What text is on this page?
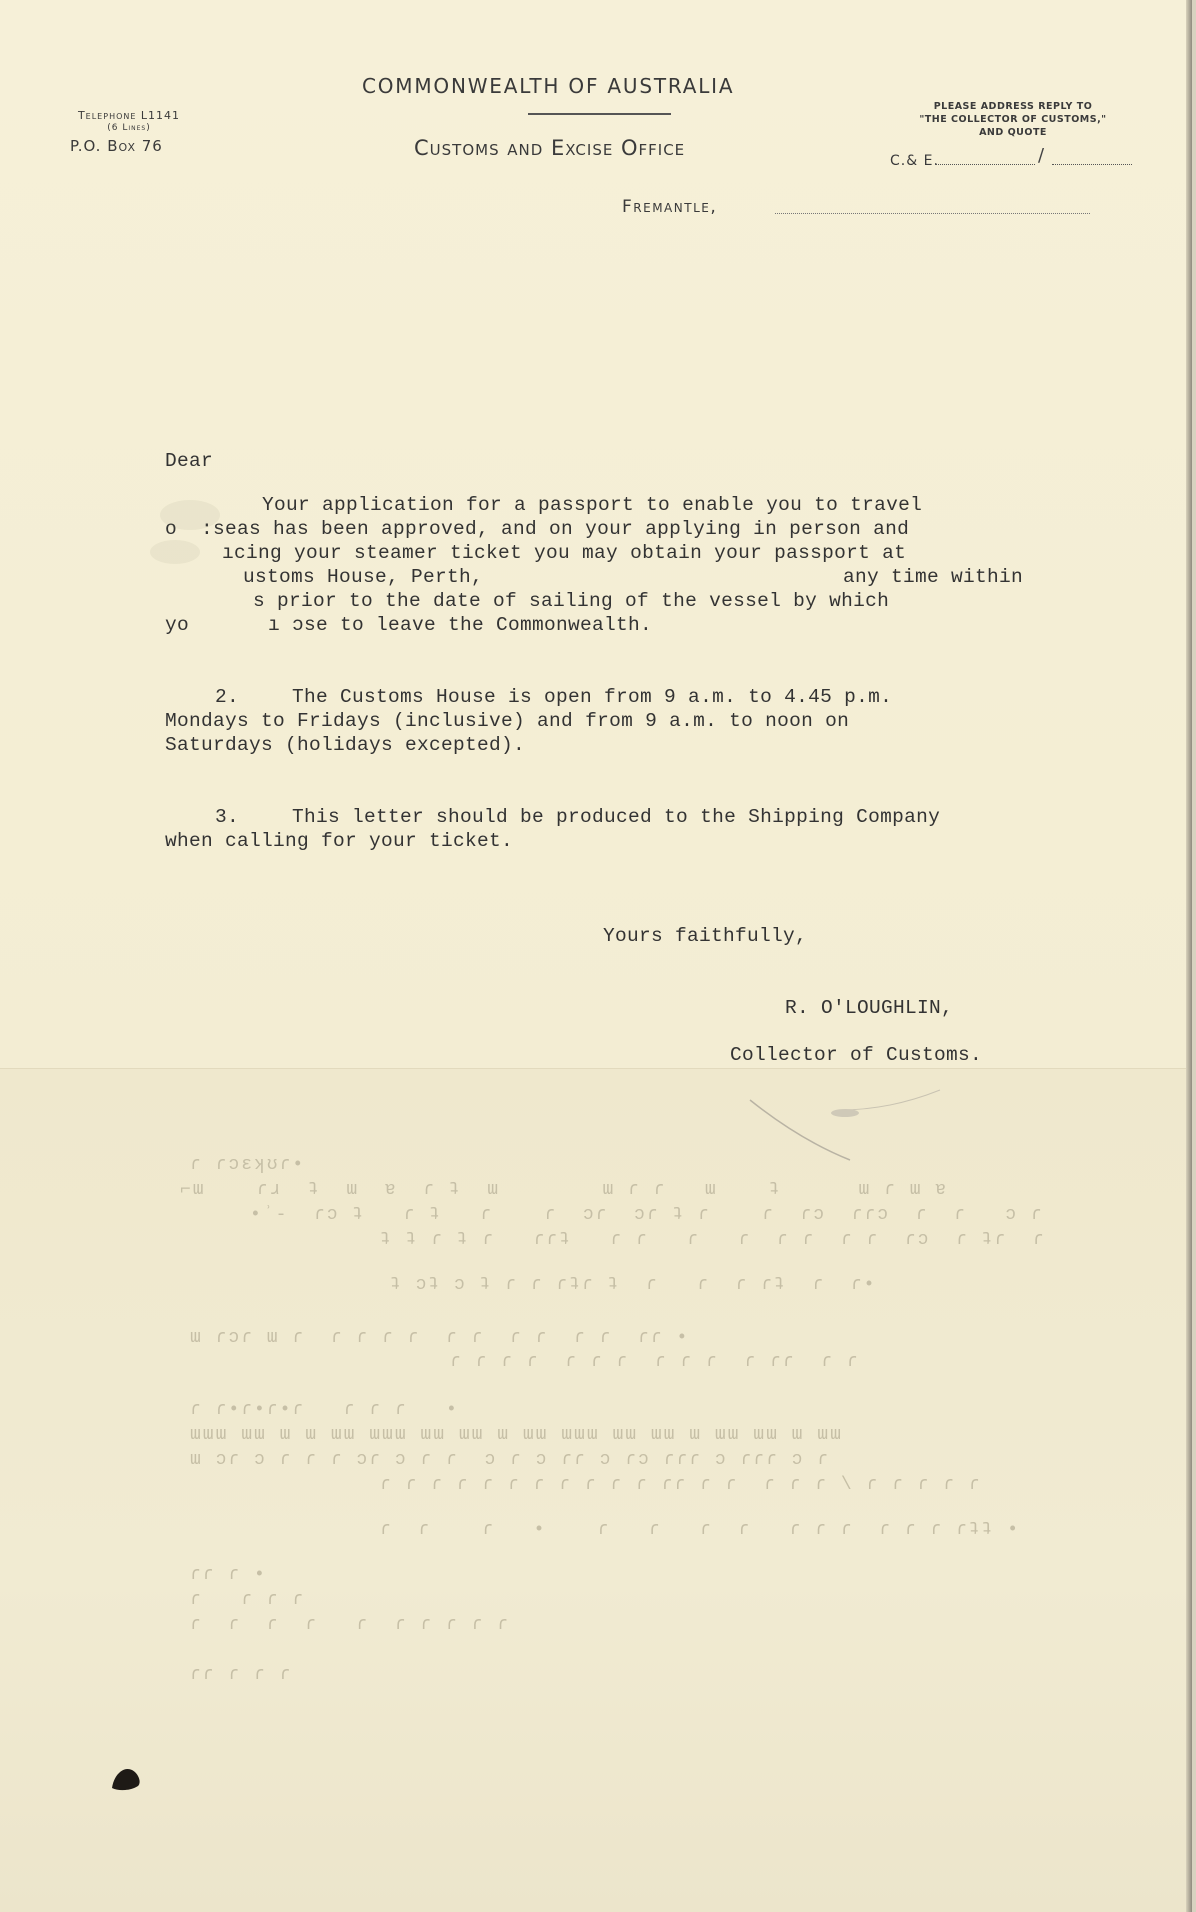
COMMONWEALTH OF AUSTRALIA
Customs and Excise Office
Telephone L1141
(6 Lines)
P.O. Box 76
PLEASE ADDRESS REPLY TO
"THE COLLECTOR OF CUSTOMS,"
AND QUOTE
C.& E.	/
Fremantle,
Dear
Your application for a passport to enable you to travel
o  :seas has been approved, and on your applying in person and
ıcing your steamer ticket you may obtain your passport at
ustoms House, Perth,	any time within
s prior to the date of sailing of the vessel by which
yo	ı ɔse to leave the Commonwealth.
2.	The Customs House is open from 9 a.m. to 4.45 p.m.
Mondays to Fridays (inclusive) and from 9 a.m. to noon on
Saturdays (holidays excepted).
3.	This letter should be produced to the Shipping Company
when calling for your ticket.
Yours faithfully,
R. O'LOUGHLIN,
Collector of Customs.
ɾ ɾɔɛʞʊɾ•
⌐ɯ    ɾɹ  ʇ  ɯ  ɐ  ɾ ʇ  ɯ        ɯ ɾ ɾ   ɯ    ʇ      ɯ ɾ ɯ ɐ
•ʾ-  ɾɔ ʇ   ɾ ʇ   ɾ    ɾ  ɔɾ  ɔɾ ʇ ɾ    ɾ  ɾɔ  ɾɾɔ  ɾ  ɾ   ɔ ɾ
ʇ ʇ ɾ ʇ ɾ   ɾɾʇ   ɾ ɾ   ɾ   ɾ  ɾ ɾ  ɾ ɾ  ɾɔ  ɾ ʇɾ  ɾ
ʇ ɔʇ ɔ ʇ ɾ ɾ ɾʇɾ ʇ  ɾ   ɾ  ɾ ɾʇ  ɾ  ɾ•
ɯ ɾɔɾ ɯ ɾ  ɾ ɾ ɾ ɾ  ɾ ɾ  ɾ ɾ  ɾ ɾ  ɾɾ •
ɾ ɾ ɾ ɾ  ɾ ɾ ɾ  ɾ ɾ ɾ  ɾ ɾɾ  ɾ ɾ
ɾ ɾ•ɾ•ɾ•ɾ   ɾ ɾ ɾ   •
ɯɯɯ ɯɯ ɯ ɯ ɯɯ ɯɯɯ ɯɯ ɯɯ ɯ ɯɯ ɯɯɯ ɯɯ ɯɯ ɯ ɯɯ ɯɯ ɯ ɯɯ
ɯ ɔɾ ɔ ɾ ɾ ɾ ɔɾ ɔ ɾ ɾ  ɔ ɾ ɔ ɾɾ ɔ ɾɔ ɾɾɾ ɔ ɾɾɾ ɔ ɾ
ɾ ɾ ɾ ɾ ɾ ɾ ɾ ɾ ɾ ɾ ɾ ɾɾ ɾ ɾ  ɾ ɾ ɾ \ ɾ ɾ ɾ ɾ ɾ
ɾ  ɾ    ɾ   •    ɾ   ɾ   ɾ  ɾ   ɾ ɾ ɾ  ɾ ɾ ɾ ɾʇʇ •
ɾɾ ɾ •
ɾ   ɾ ɾ ɾ
ɾ  ɾ  ɾ  ɾ   ɾ  ɾ ɾ ɾ ɾ ɾ
ɾɾ ɾ ɾ ɾ
